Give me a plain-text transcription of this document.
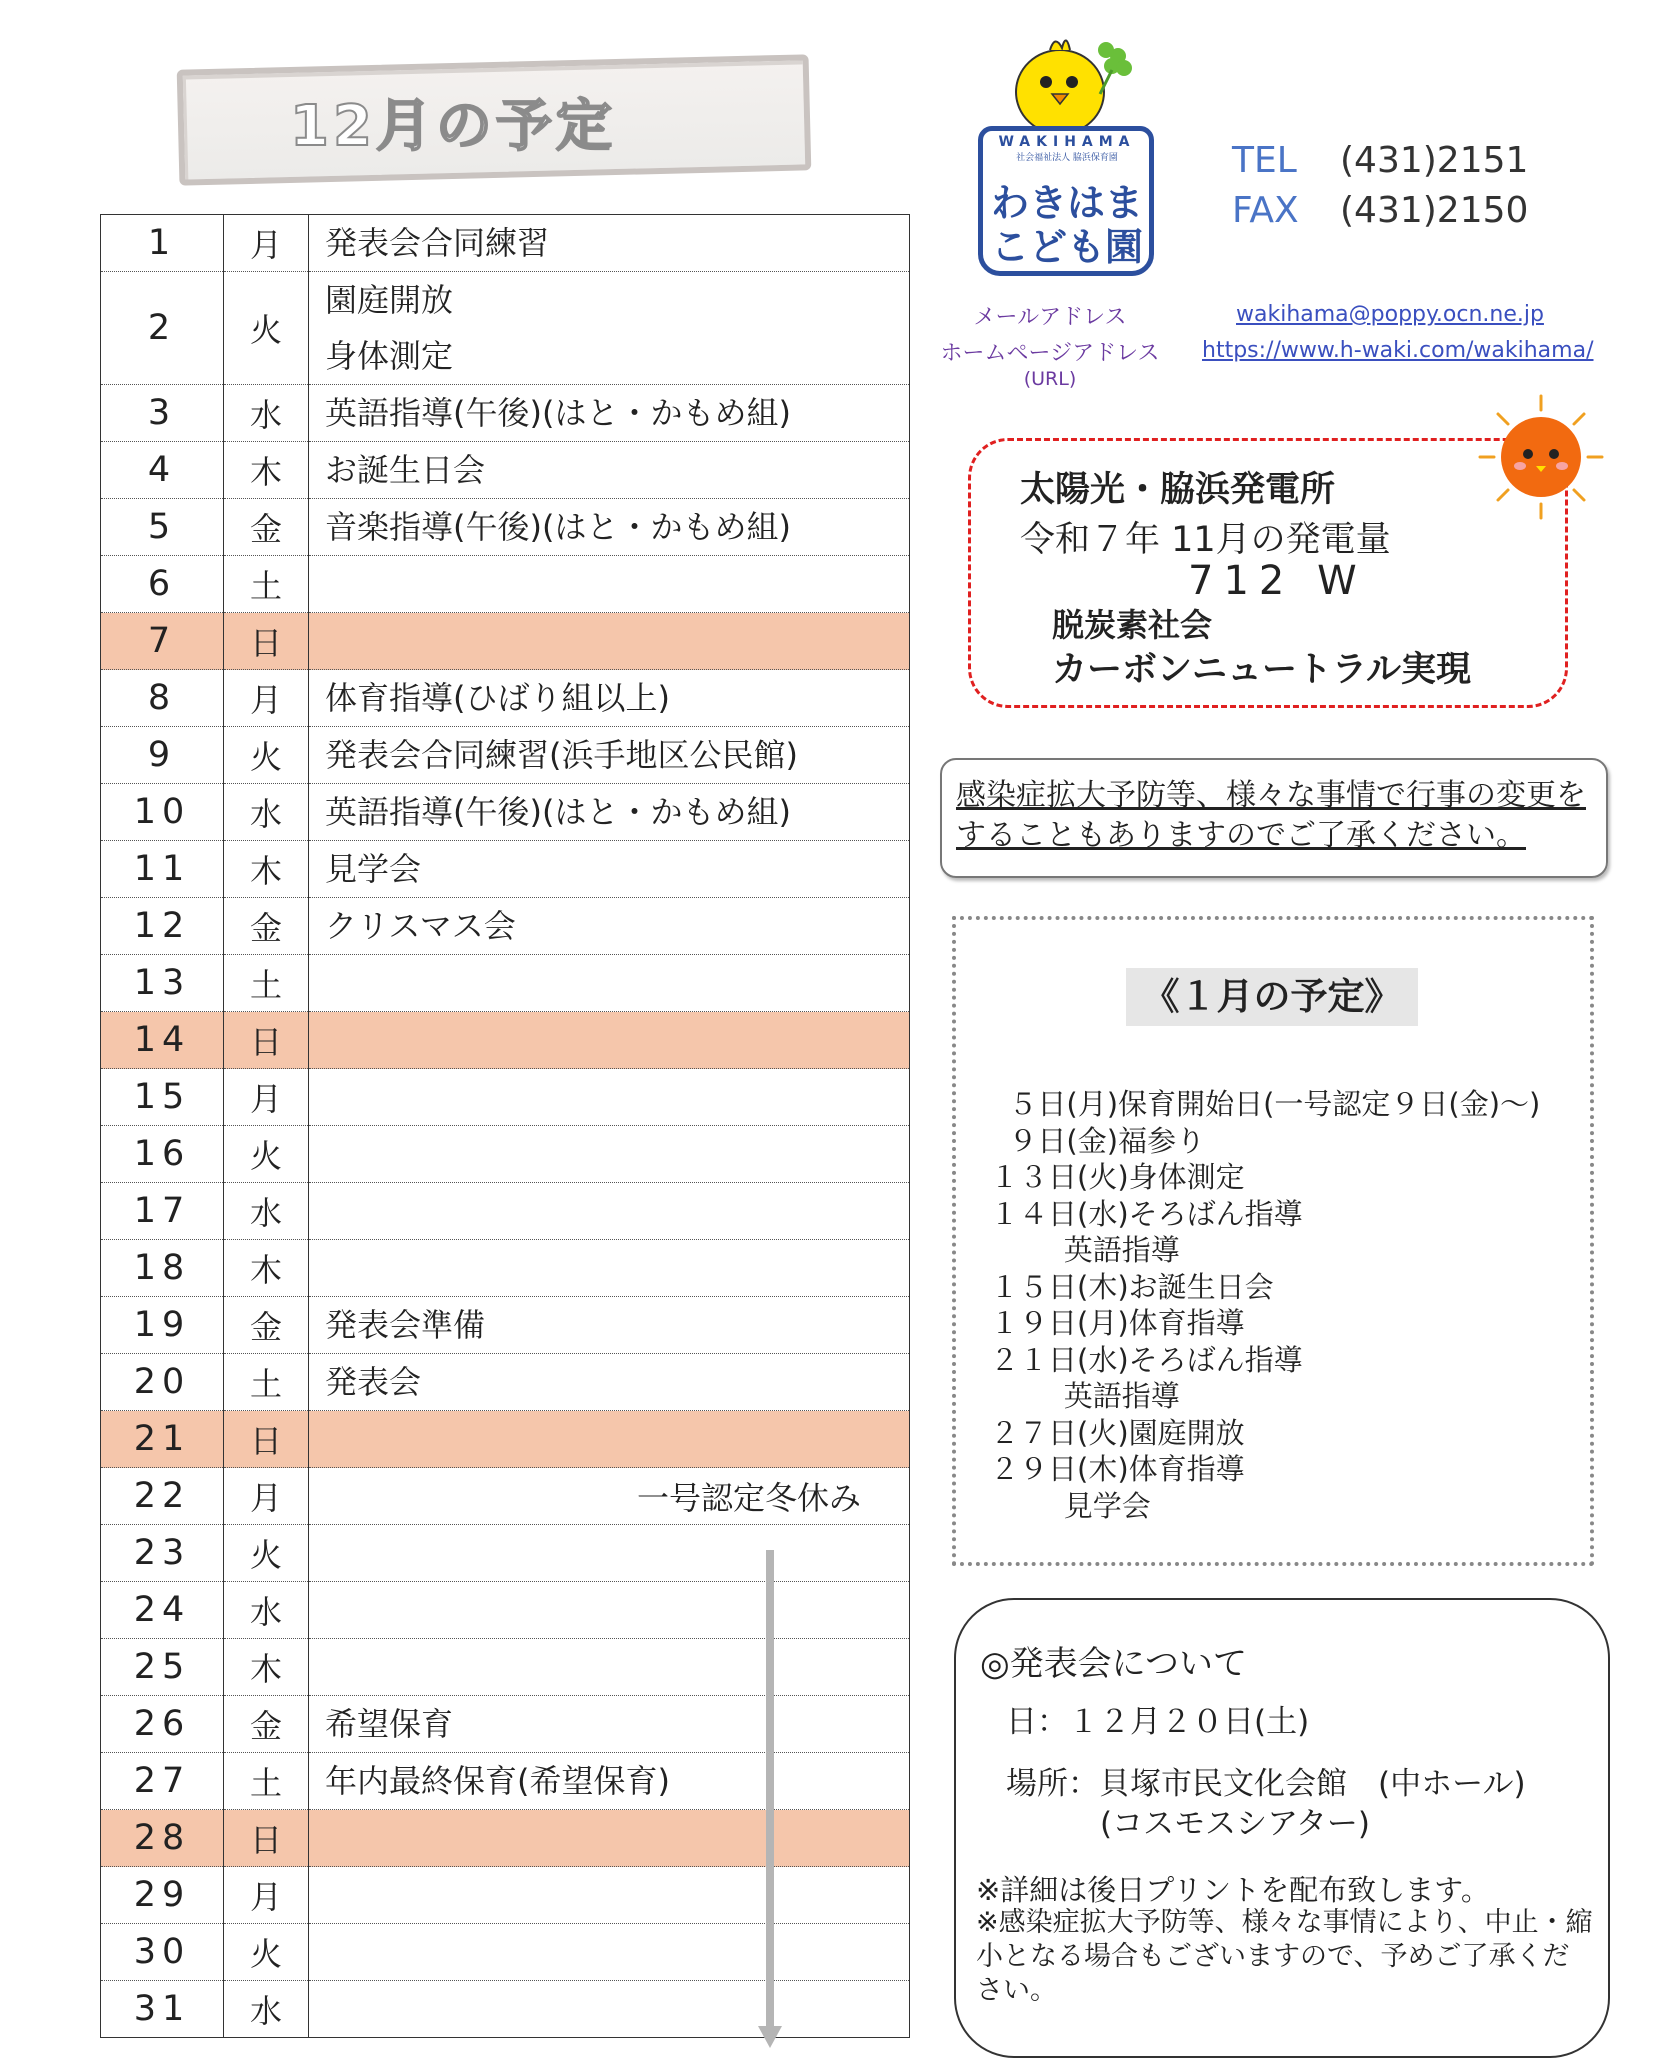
12月の予定
1	月	発表会合同練習

2	火	園庭開放
身体測定

3	水	英語指導(午後)(はと・かもめ組)

4	木	お誕生日会

5	金	音楽指導(午後)(はと・かもめ組)

6	土	
7	日	
8	月	体育指導(ひばり組以上)

9	火	発表会合同練習(浜手地区公民館)

10	水	英語指導(午後)(はと・かもめ組)

11	木	見学会

12	金	クリスマス会

13	土	
14	日	
15	月	
16	火	
17	水	
18	木	
19	金	発表会準備

20	土	発表会

21	日	
22	月	一号認定冬休み

23	火	
24	水	
25	木	
26	金	希望保育

27	土	年内最終保育(希望保育)

28	日	
29	月	
30	火	
31	水	
WAKIHAMA
社会福祉法人 脇浜保育園
わきはま
こども園
TEL (431)2151
FAX (431)2150
メールアドレス
ホームページアドレス
(URL)
wakihama@poppy.ocn.ne.jp
https://www.h-waki.com/wakihama/
太陽光・脇浜発電所
令和７年 11月の発電量
712 W
脱炭素社会
カーボンニュートラル実現
感染症拡大予防等、様々な事情で行事の変更をすることもありますのでご了承ください。
《１月の予定》
５日(月)保育開始日(一号認定９日(金)～)
９日(金)福参り
１３日(火)身体測定
１４日(水)そろばん指導
英語指導
１５日(木)お誕生日会
１９日(月)体育指導
２１日(水)そろばん指導
英語指導
２７日(火)園庭開放
２９日(木)体育指導
見学会
◎発表会について
日：１２月２０日(土)
場所：貝塚市民文化会館　(中ホール)
(コスモスシアター)
※詳細は後日プリントを配布致します。
※感染症拡大予防等、様々な事情により、中止・縮小となる場合もございますので、予めご了承ください。
